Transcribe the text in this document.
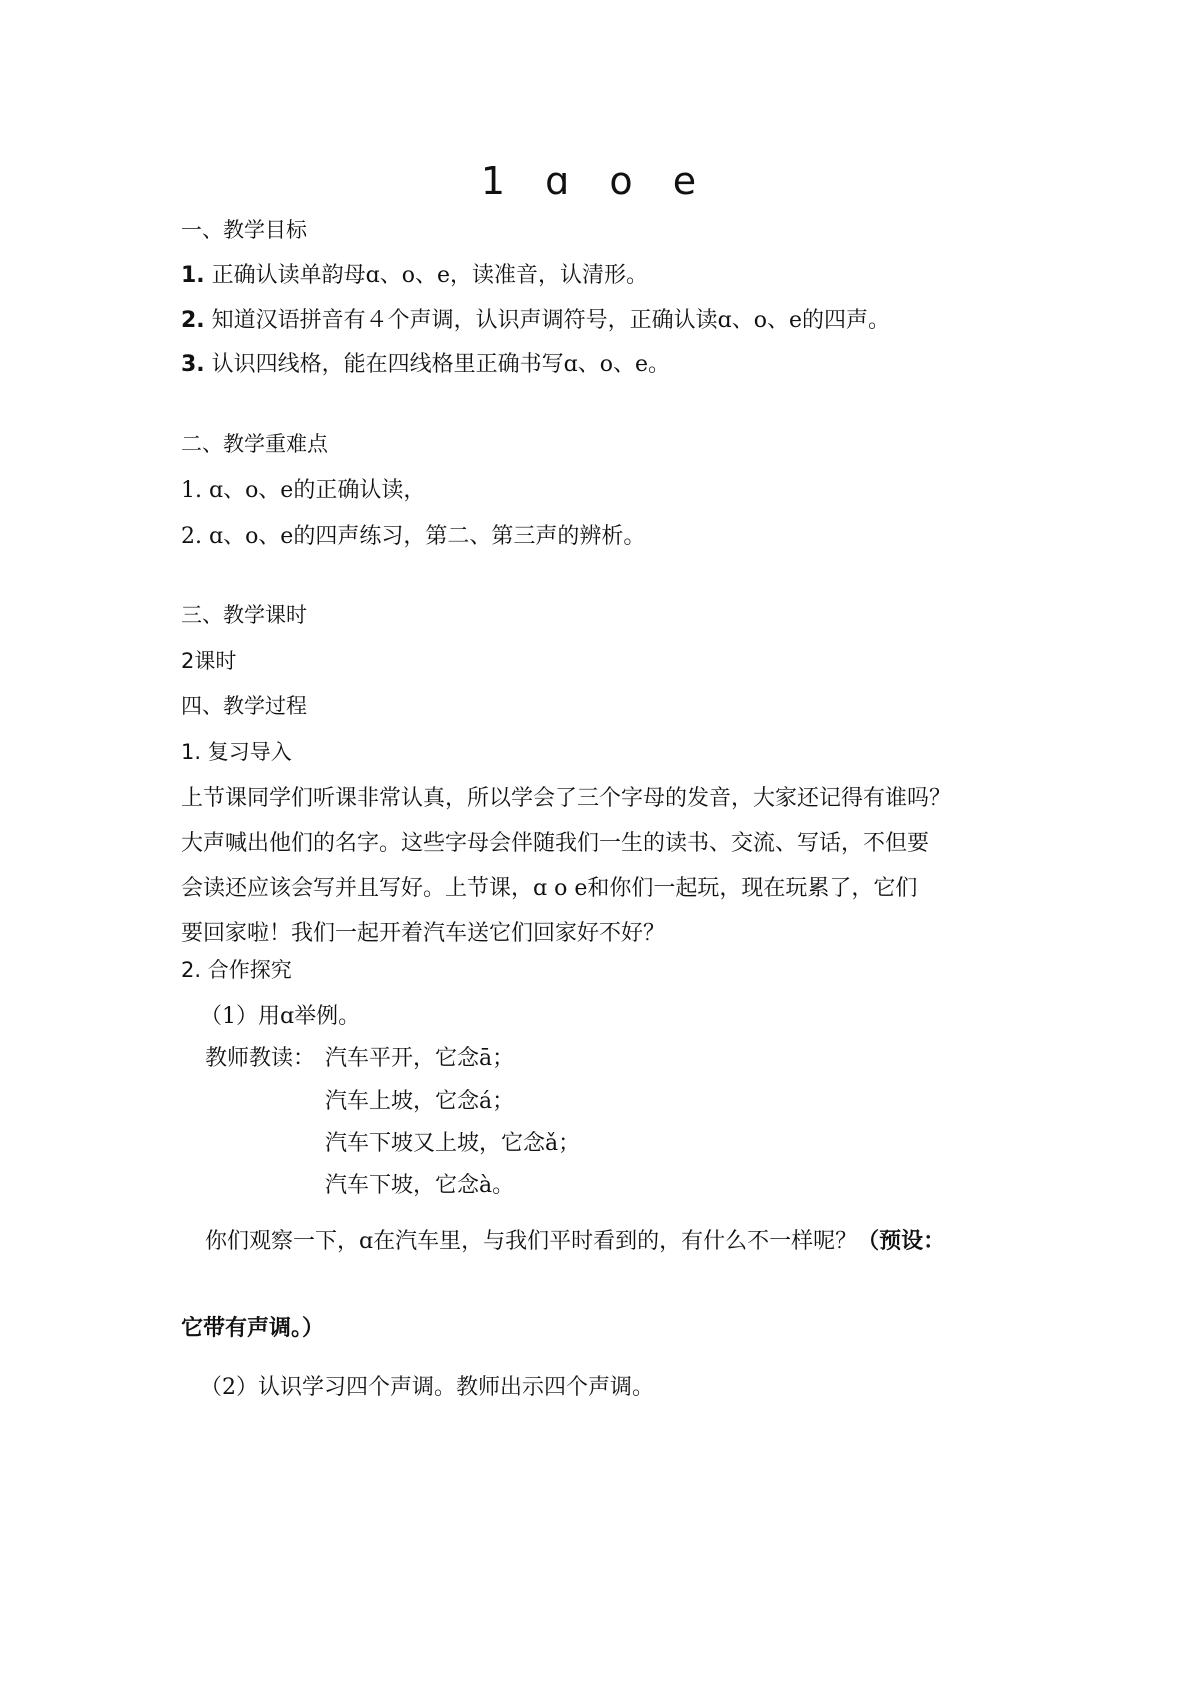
1 ɑ o e
一、教学目标
1. 正确认读单韵母ɑ、o、e，读准音，认清形。
2. 知道汉语拼音有４个声调，认识声调符号，正确认读ɑ、o、e的四声。
3. 认识四线格，能在四线格里正确书写ɑ、o、e。
二、教学重难点
1. ɑ、o、e的正确认读，
2. ɑ、o、e的四声练习，第二、第三声的辨析。
三、教学课时
2课时
四、教学过程
1. 复习导入
上节课同学们听课非常认真，所以学会了三个字母的发音，大家还记得有谁吗？
大声喊出他们的名字。这些字母会伴随我们一生的读书、交流、写话，不但要
会读还应该会写并且写好。上节课，ɑ o e和你们一起玩，现在玩累了，它们
要回家啦！我们一起开着汽车送它们回家好不好？
2. 合作探究
（1）用ɑ举例。
教师教读： 汽车平开，它念ā；
汽车上坡，它念á；
汽车下坡又上坡，它念ǎ；
汽车下坡，它念à。
你们观察一下，ɑ在汽车里，与我们平时看到的，有什么不一样呢？（预设：
它带有声调。）
（2）认识学习四个声调。教师出示四个声调。
